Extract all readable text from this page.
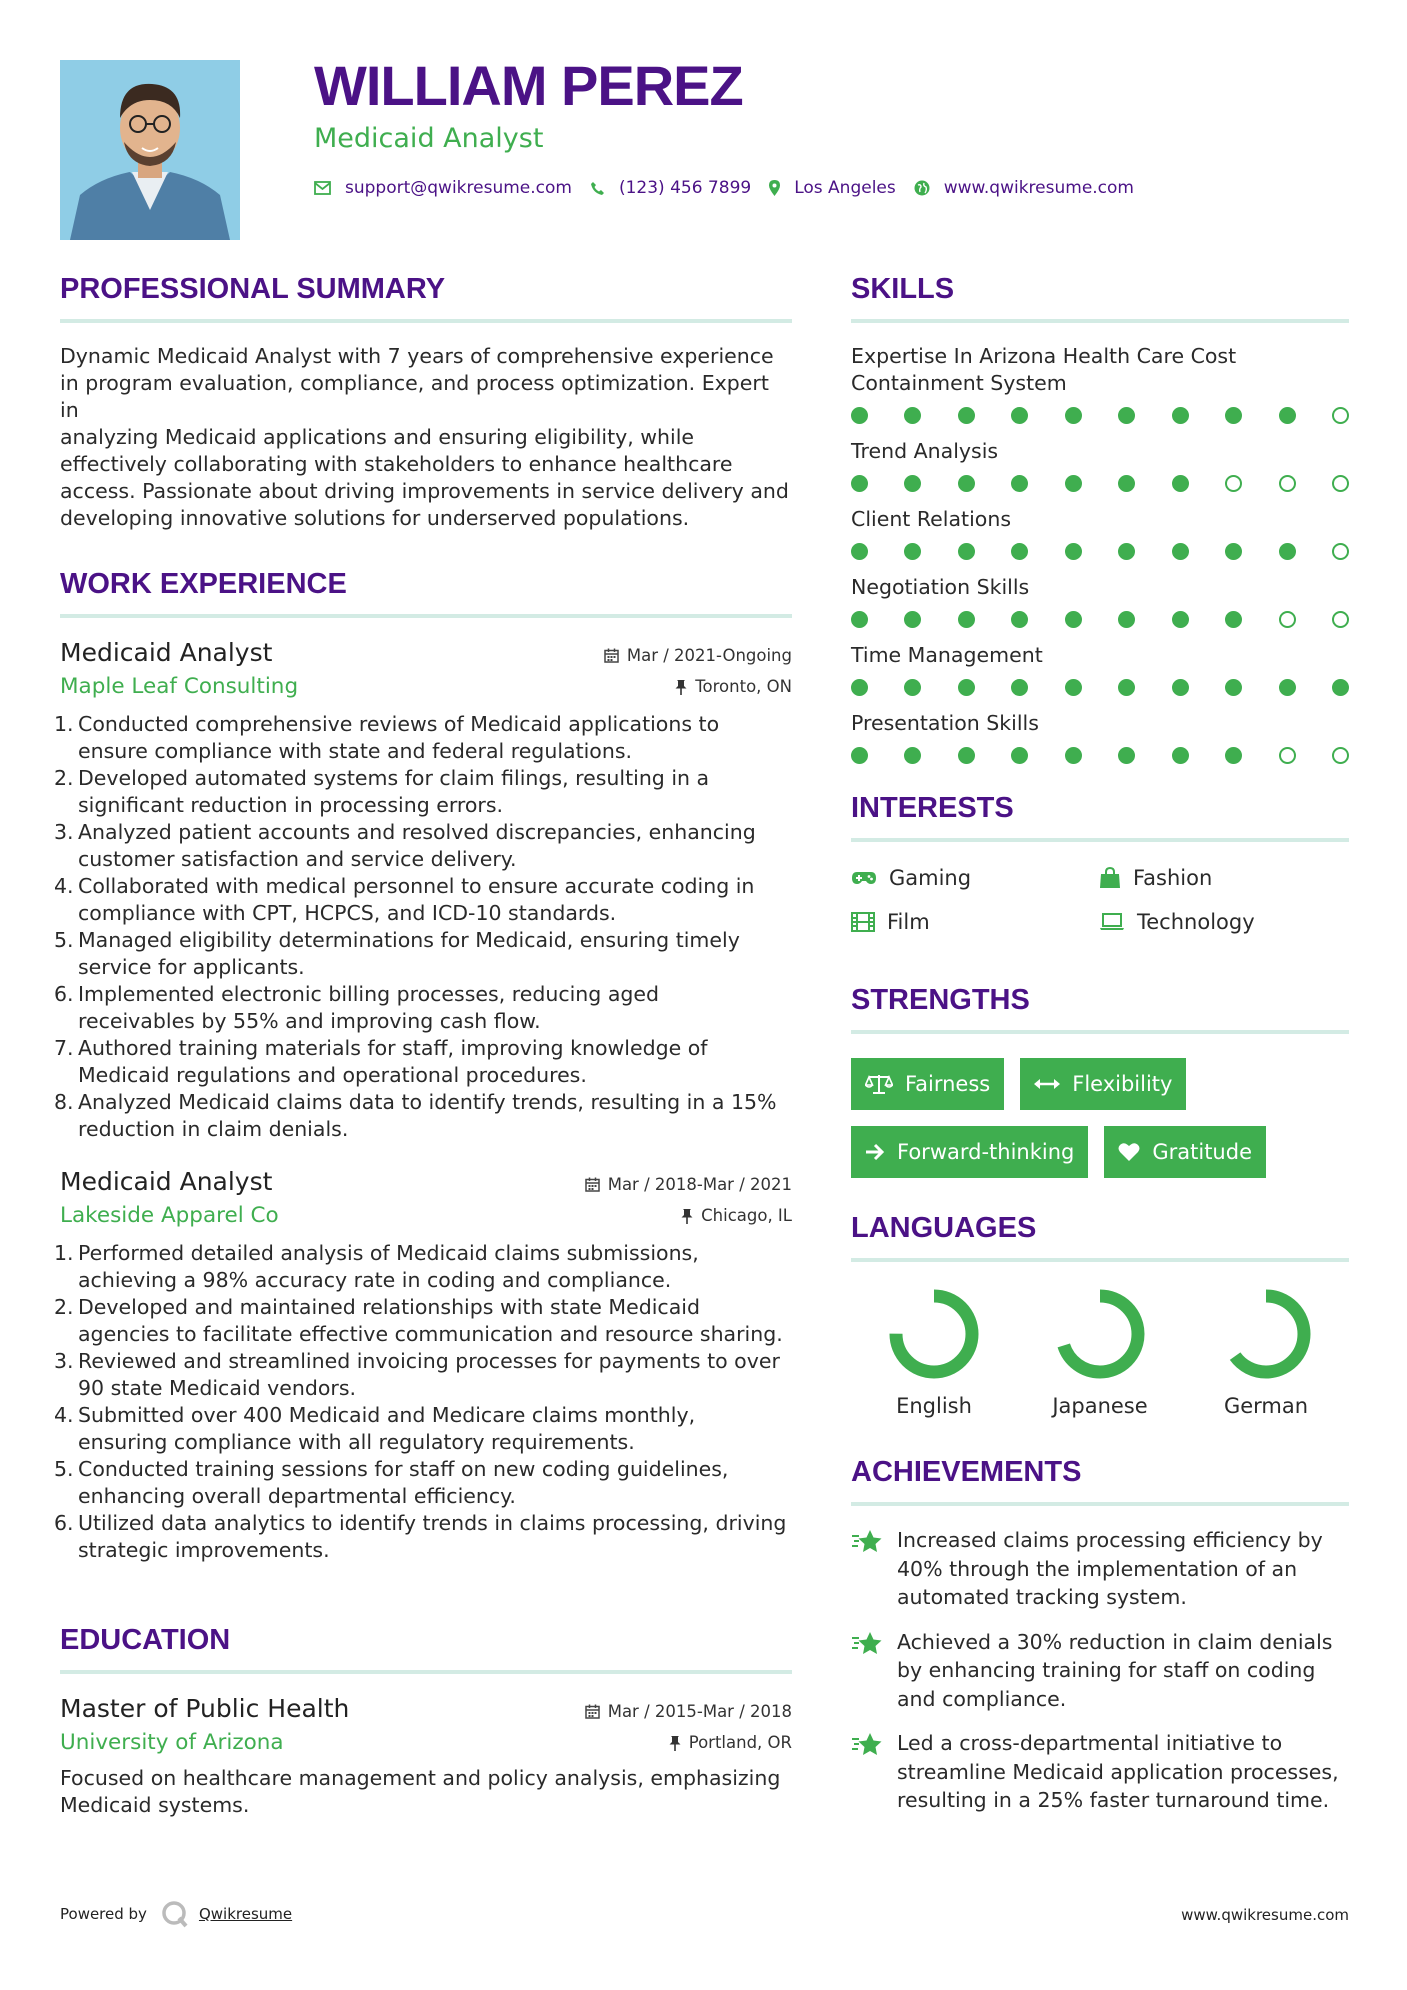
WILLIAM PEREZ
Medicaid Analyst
support@qwikresume.com	(123) 456 7899	Los Angeles	www.qwikresume.com
PROFESSIONAL SUMMARY
Dynamic Medicaid Analyst with 7 years of comprehensive experience
in program evaluation, compliance, and process optimization. Expert in
analyzing Medicaid applications and ensuring eligibility, while
effectively collaborating with stakeholders to enhance healthcare
access. Passionate about driving improvements in service delivery and
developing innovative solutions for underserved populations.
WORK EXPERIENCE
Medicaid Analyst	Mar / 2021-Ongoing
Maple Leaf Consulting	Toronto, ON
1. Conducted comprehensive reviews of Medicaid applications to
ensure compliance with state and federal regulations.
2. Developed automated systems for claim filings, resulting in a
significant reduction in processing errors.
3. Analyzed patient accounts and resolved discrepancies, enhancing
customer satisfaction and service delivery.
4. Collaborated with medical personnel to ensure accurate coding in
compliance with CPT, HCPCS, and ICD-10 standards.
5. Managed eligibility determinations for Medicaid, ensuring timely
service for applicants.
6. Implemented electronic billing processes, reducing aged
receivables by 55% and improving cash flow.
7. Authored training materials for staff, improving knowledge of
Medicaid regulations and operational procedures.
8. Analyzed Medicaid claims data to identify trends, resulting in a 15%
reduction in claim denials.
Medicaid Analyst	Mar / 2018-Mar / 2021
Lakeside Apparel Co	Chicago, IL
1. Performed detailed analysis of Medicaid claims submissions,
achieving a 98% accuracy rate in coding and compliance.
2. Developed and maintained relationships with state Medicaid
agencies to facilitate effective communication and resource sharing.
3. Reviewed and streamlined invoicing processes for payments to over
90 state Medicaid vendors.
4. Submitted over 400 Medicaid and Medicare claims monthly,
ensuring compliance with all regulatory requirements.
5. Conducted training sessions for staff on new coding guidelines,
enhancing overall departmental efficiency.
6. Utilized data analytics to identify trends in claims processing, driving
strategic improvements.
EDUCATION
Master of Public Health	Mar / 2015-Mar / 2018
University of Arizona	Portland, OR
Focused on healthcare management and policy analysis, emphasizing
Medicaid systems.
SKILLS
Expertise In Arizona Health Care Cost
Containment System
Trend Analysis
Client Relations
Negotiation Skills
Time Management
Presentation Skills
INTERESTS
Gaming	Fashion
Film	Technology
STRENGTHS
Fairness	Flexibility
Forward-thinking	Gratitude
LANGUAGES
English	Japanese	German
ACHIEVEMENTS
Increased claims processing efficiency by
40% through the implementation of an
automated tracking system.
Achieved a 30% reduction in claim denials
by enhancing training for staff on coding
and compliance.
Led a cross-departmental initiative to
streamline Medicaid application processes,
resulting in a 25% faster turnaround time.
Powered by	Qwikresume	www.qwikresume.com
